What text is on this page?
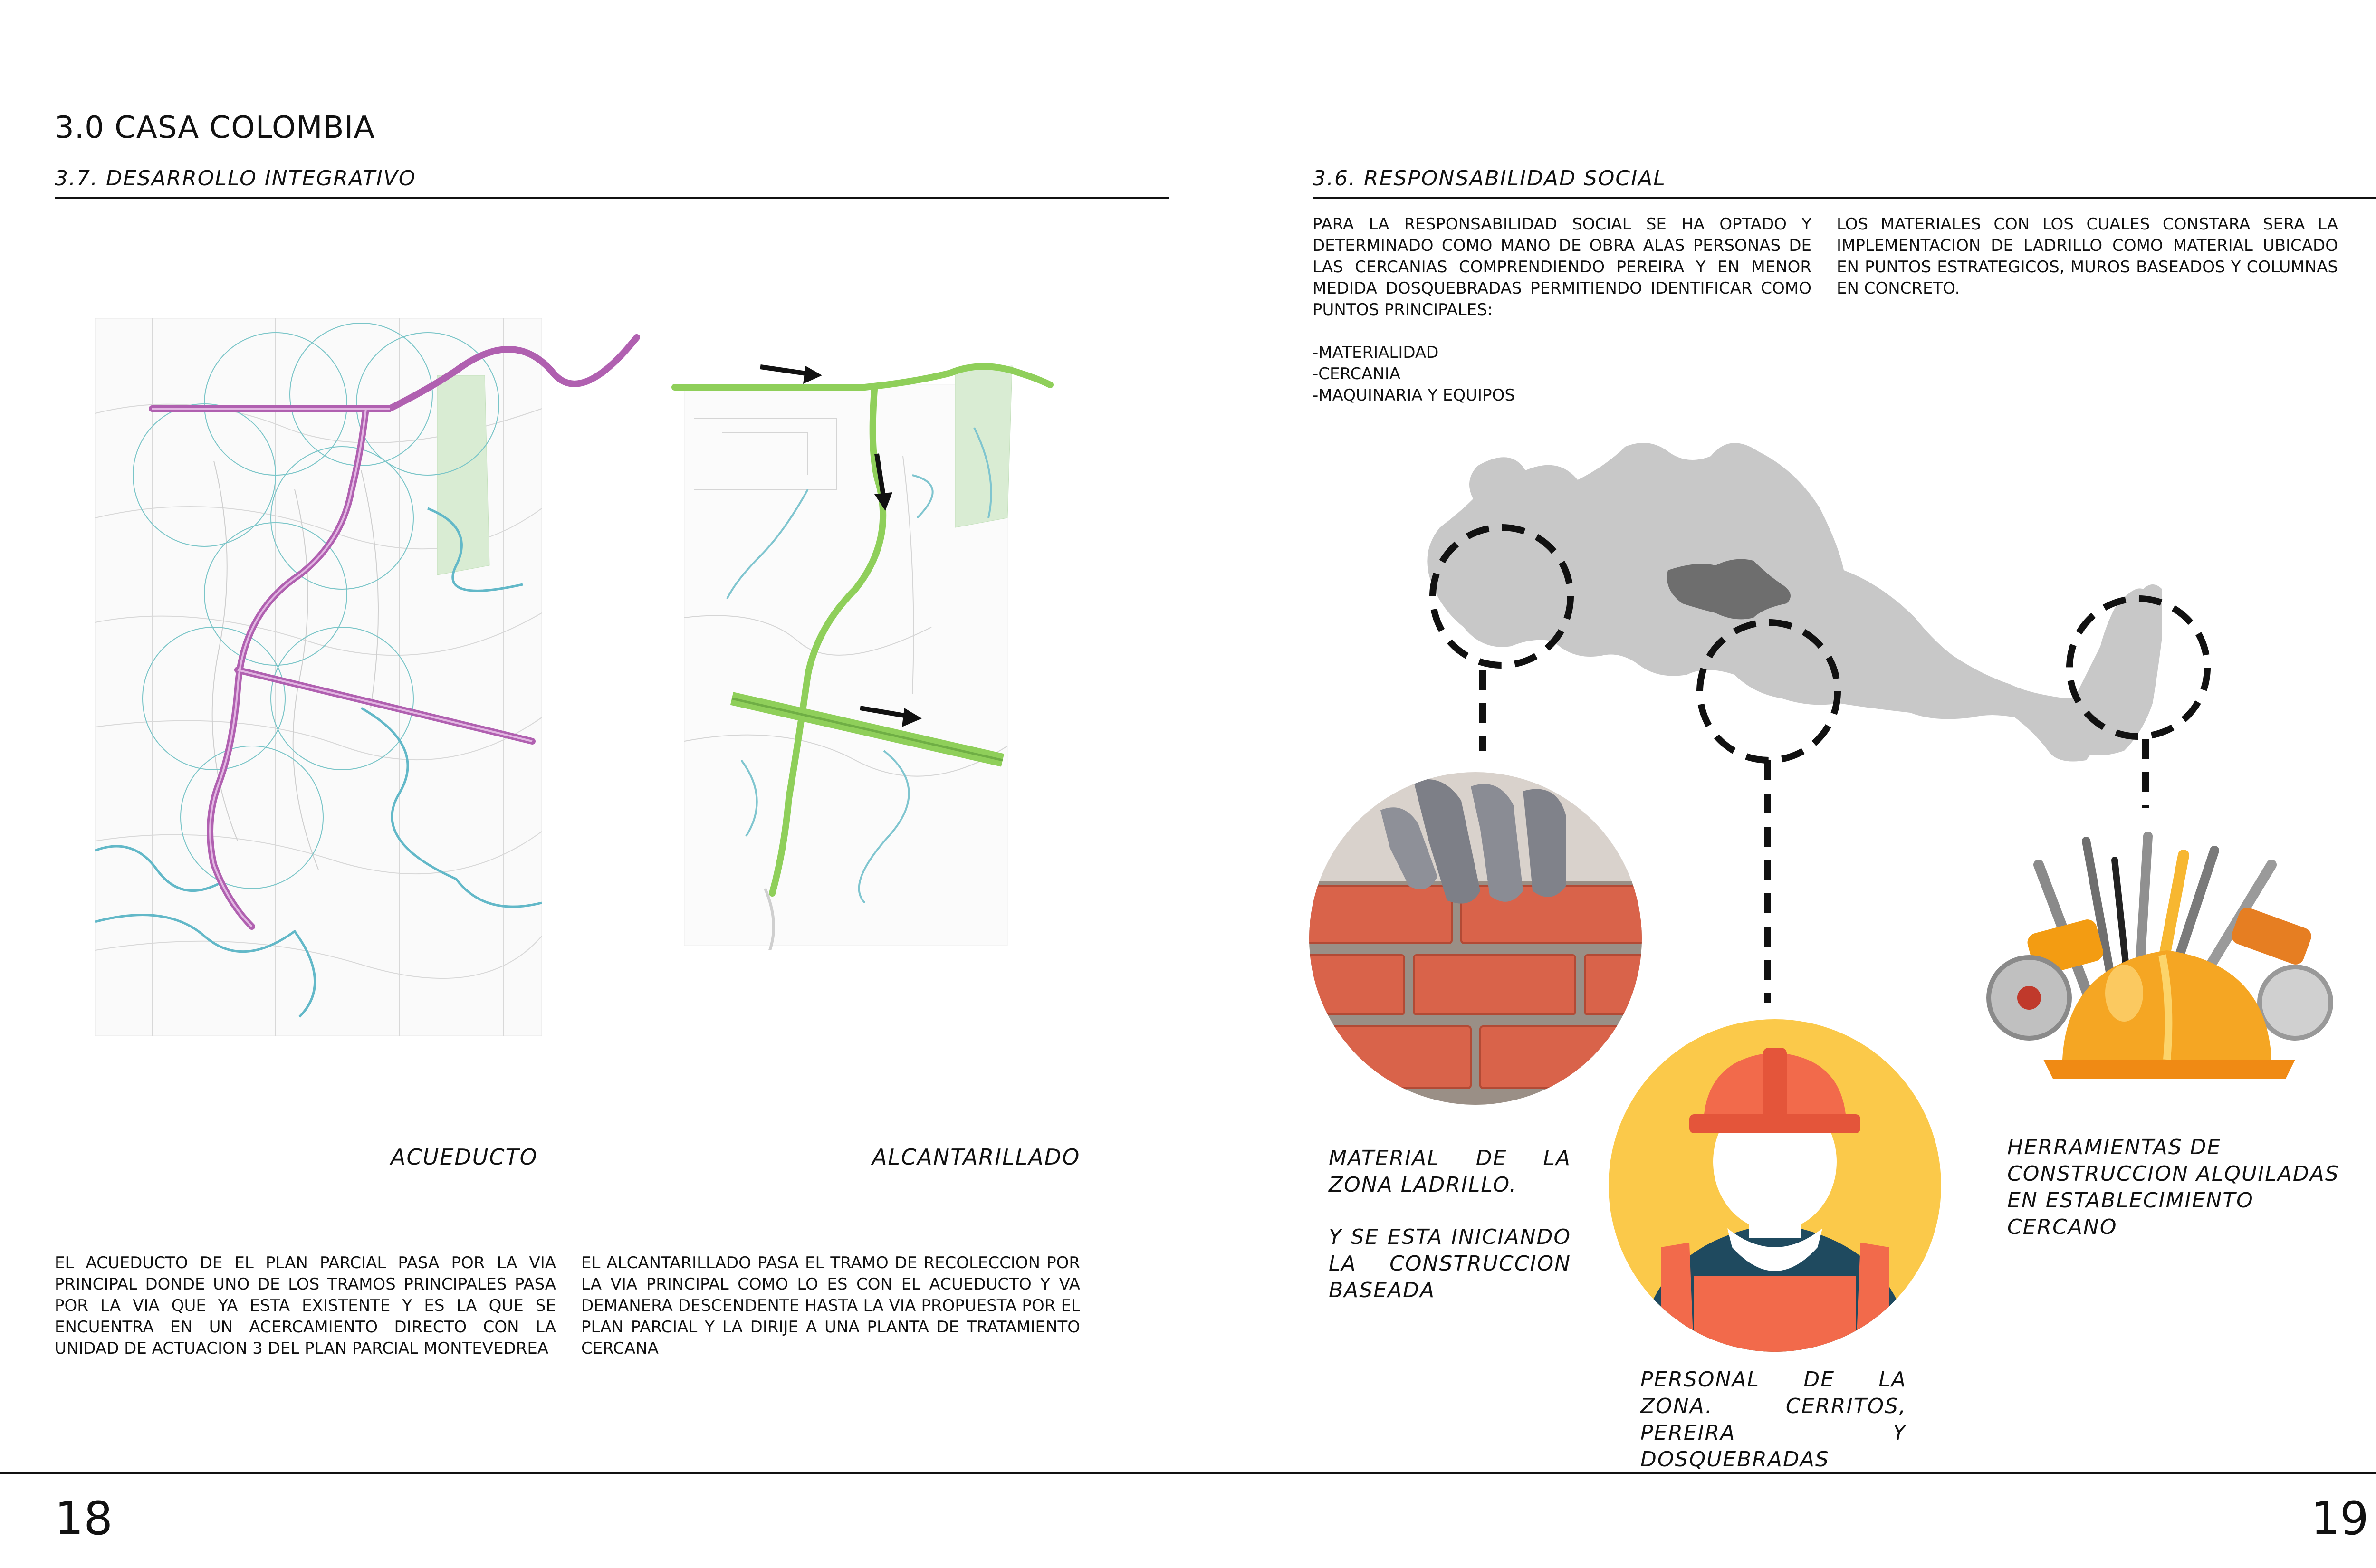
3.0 CASA COLOMBIA
3.7. DESARROLLO INTEGRATIVO	3.6. RESPONSABILIDAD SOCIAL
ACUEDUCTO	ALCANTARILLADO
EL ACUEDUCTO DE EL PLAN PARCIAL PASA POR LA VIA PRINCIPAL DONDE UNO DE LOS TRAMOS PRINCIPALES PASA POR LA VIA QUE YA ESTA EXISTENTE Y ES LA QUE SE ENCUENTRA EN UN ACERCAMIENTO DIRECTO CON LA UNIDAD DE ACTUACION 3 DEL PLAN PARCIAL MONTEVEDREA
EL ALCANTARILLADO PASA EL TRAMO DE RECOLECCION POR LA VIA PRINCIPAL COMO LO ES CON EL ACUEDUCTO Y VA DEMANERA DESCENDENTE HASTA LA VIA PROPUESTA POR EL PLAN PARCIAL Y LA DIRIJE A UNA PLANTA DE TRATAMIENTO CERCANA
PARA LA RESPONSABILIDAD SOCIAL SE HA OPTADO Y DETERMINADO COMO MANO DE OBRA ALAS PERSONAS DE LAS CERCANIAS COMPRENDIENDO PEREIRA Y EN MENOR MEDIDA DOSQUEBRADAS PERMITIENDO IDENTIFICAR COMO PUNTOS PRINCIPALES:
-MATERIALIDAD
-CERCANIA
-MAQUINARIA Y EQUIPOS
LOS MATERIALES CON LOS CUALES CONSTARA SERA LA IMPLEMENTACION DE LADRILLO COMO MATERIAL UBICADO EN PUNTOS ESTRATEGICOS, MUROS BASEADOS Y COLUMNAS EN CONCRETO.
MATERIAL DE LA ZONA LADRILLO.
Y SE ESTA INICIANDO LA CONSTRUCCION BASEADA
PERSONAL DE LA ZONA. CERRITOS, PEREIRA Y DOSQUEBRADAS
HERRAMIENTAS DE CONSTRUCCION ALQUILADAS EN ESTABLECIMIENTO CERCANO
18	19
